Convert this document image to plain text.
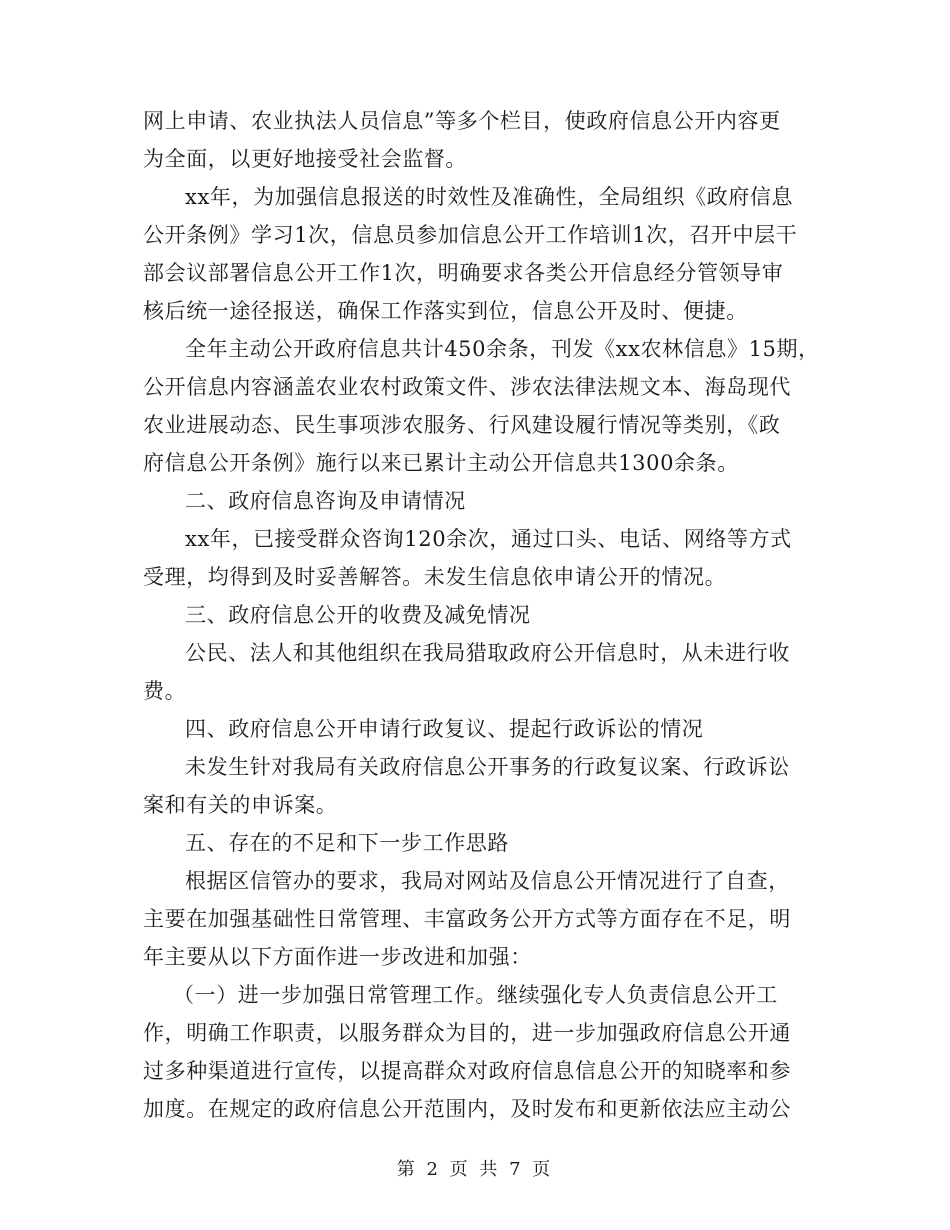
网上申请、农业执法人员信息”等多个栏目，使政府信息公开内容更
为全面，以更好地接受社会监督。
xx年，为加强信息报送的时效性及准确性，全局组织《政府信息
公开条例》学习1次，信息员参加信息公开工作培训1次，召开中层干
部会议部署信息公开工作1次，明确要求各类公开信息经分管领导审
核后统一途径报送，确保工作落实到位，信息公开及时、便捷。
全年主动公开政府信息共计450余条，刊发《xx农林信息》15期，
公开信息内容涵盖农业农村政策文件、涉农法律法规文本、海岛现代
农业进展动态、民生事项涉农服务、行风建设履行情况等类别，《政
府信息公开条例》施行以来已累计主动公开信息共1300余条。
二、政府信息咨询及申请情况
xx年，已接受群众咨询120余次，通过口头、电话、网络等方式
受理，均得到及时妥善解答。未发生信息依申请公开的情况。
三、政府信息公开的收费及减免情况
公民、法人和其他组织在我局猎取政府公开信息时，从未进行收
费。
四、政府信息公开申请行政复议、提起行政诉讼的情况
未发生针对我局有关政府信息公开事务的行政复议案、行政诉讼
案和有关的申诉案。
五、存在的不足和下一步工作思路
根据区信管办的要求，我局对网站及信息公开情况进行了自查，
主要在加强基础性日常管理、丰富政务公开方式等方面存在不足，明
年主要从以下方面作进一步改进和加强：
（一）进一步加强日常管理工作。继续强化专人负责信息公开工
作，明确工作职责，以服务群众为目的，进一步加强政府信息公开通
过多种渠道进行宣传，以提高群众对政府信息信息公开的知晓率和参
加度。在规定的政府信息公开范围内，及时发布和更新依法应主动公
第 2 页 共 7 页
